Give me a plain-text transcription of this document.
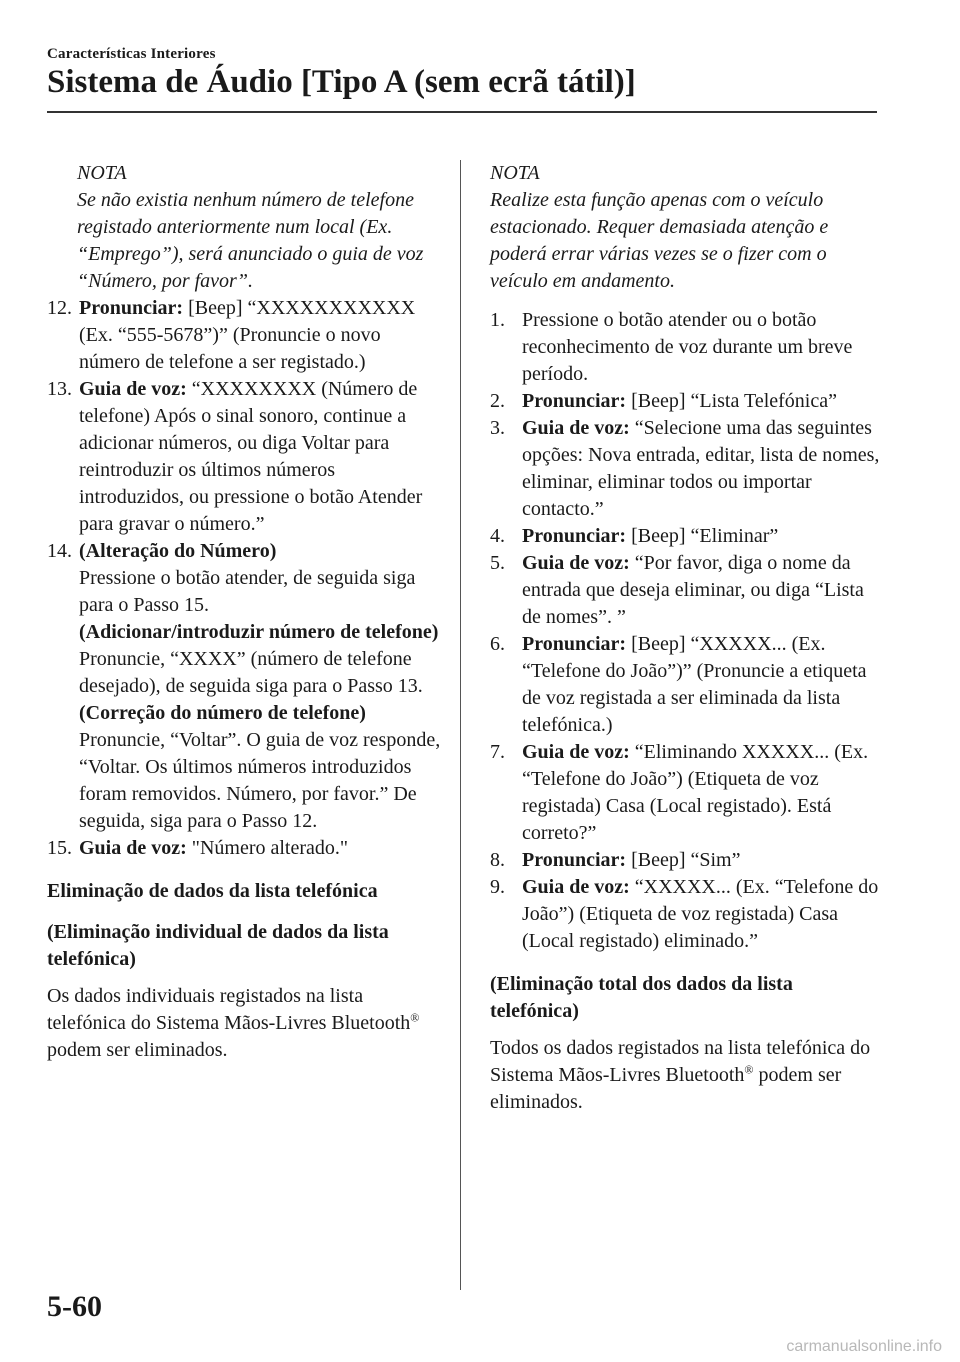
Características Interiores
Sistema de Áudio [Tipo A (sem ecrã tátil)]
NOTA
Se não existia nenhum número de telefone registado anteriormente num local (Ex. “Emprego”), será anunciado o guia de voz “Número, por favor”.
12. Pronunciar: [Beep] “XXXXXXXXXXX (Ex. “555-5678”)” (Pronuncie o novo número de telefone a ser registado.)
13. Guia de voz: “XXXXXXXX (Número de telefone) Após o sinal sonoro, continue a adicionar números, ou diga Voltar para reintroduzir os últimos números introduzidos, ou pressione o botão Atender para gravar o número.”
14. (Alteração do Número)
Pressione o botão atender, de seguida siga para o Passo 15.
(Adicionar/introduzir número de telefone)
Pronuncie, “XXXX” (número de telefone desejado), de seguida siga para o Passo 13.
(Correção do número de telefone)
Pronuncie, “Voltar”. O guia de voz responde, “Voltar. Os últimos números introduzidos foram removidos. Número, por favor.” De seguida, siga para o Passo 12.
15. Guia de voz: "Número alterado."
Eliminação de dados da lista telefónica
(Eliminação individual de dados da lista telefónica)
Os dados individuais registados na lista telefónica do Sistema Mãos-Livres Bluetooth® podem ser eliminados.
NOTA
Realize esta função apenas com o veículo estacionado. Requer demasiada atenção e poderá errar várias vezes se o fizer com o veículo em andamento.
1. Pressione o botão atender ou o botão reconhecimento de voz durante um breve período.
2. Pronunciar: [Beep] “Lista Telefónica”
3. Guia de voz: “Selecione uma das seguintes opções: Nova entrada, editar, lista de nomes, eliminar, eliminar todos ou importar contacto.”
4. Pronunciar: [Beep] “Eliminar”
5. Guia de voz: “Por favor, diga o nome da entrada que deseja eliminar, ou diga “Lista de nomes”. ”
6. Pronunciar: [Beep] “XXXXX... (Ex. “Telefone do João”)” (Pronuncie a etiqueta de voz registada a ser eliminada da lista telefónica.)
7. Guia de voz: “Eliminando XXXXX... (Ex. “Telefone do João”) (Etiqueta de voz registada) Casa (Local registado). Está correto?”
8. Pronunciar: [Beep] “Sim”
9. Guia de voz: “XXXXX... (Ex. “Telefone do João”) (Etiqueta de voz registada) Casa (Local registado) eliminado.”
(Eliminação total dos dados da lista telefónica)
Todos os dados registados na lista telefónica do Sistema Mãos-Livres Bluetooth® podem ser eliminados.
5-60
carmanualsonline.info
